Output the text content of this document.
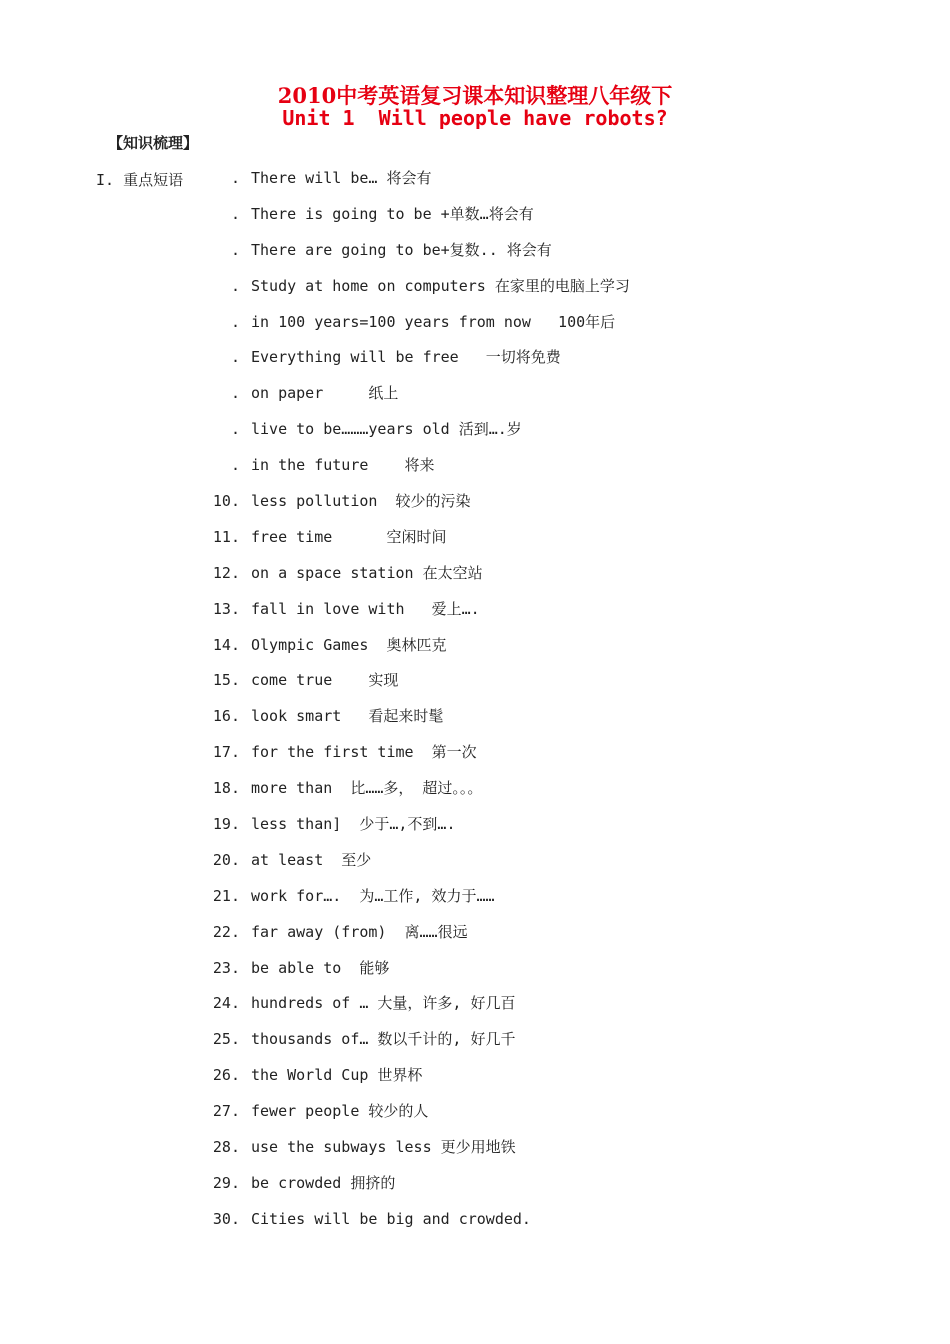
2010中考英语复习课本知识整理八年级下
Unit 1  Will people have robots?
【知识梳理】
I. 重点短语	. There will be… 将会有
. There is going to be +单数…将会有
. There are going to be+复数.. 将会有
. Study at home on computers 在家里的电脑上学习
. in 100 years=100 years from now   100年后
. Everything will be free   一切将免费
. on paper     纸上
. live to be………years old 活到….岁
. in the future    将来
10. less pollution  较少的污染
11. free time      空闲时间
12. on a space station 在太空站
13. fall in love with   爱上….
14. Olympic Games  奥林匹克
15. come true    实现
16. look smart   看起来时髦
17. for the first time  第一次
18. more than  比……多， 超过。。。
19. less than]  少于…,不到….
20. at least  至少
21. work for….  为…工作, 效力于……
22. far away (from)  离……很远
23. be able to  能够
24. hundreds of … 大量，许多, 好几百
25. thousands of… 数以千计的, 好几千
26. the World Cup 世界杯
27. fewer people 较少的人
28. use the subways less 更少用地铁
29. be crowded 拥挤的
30. Cities will be big and crowded.
